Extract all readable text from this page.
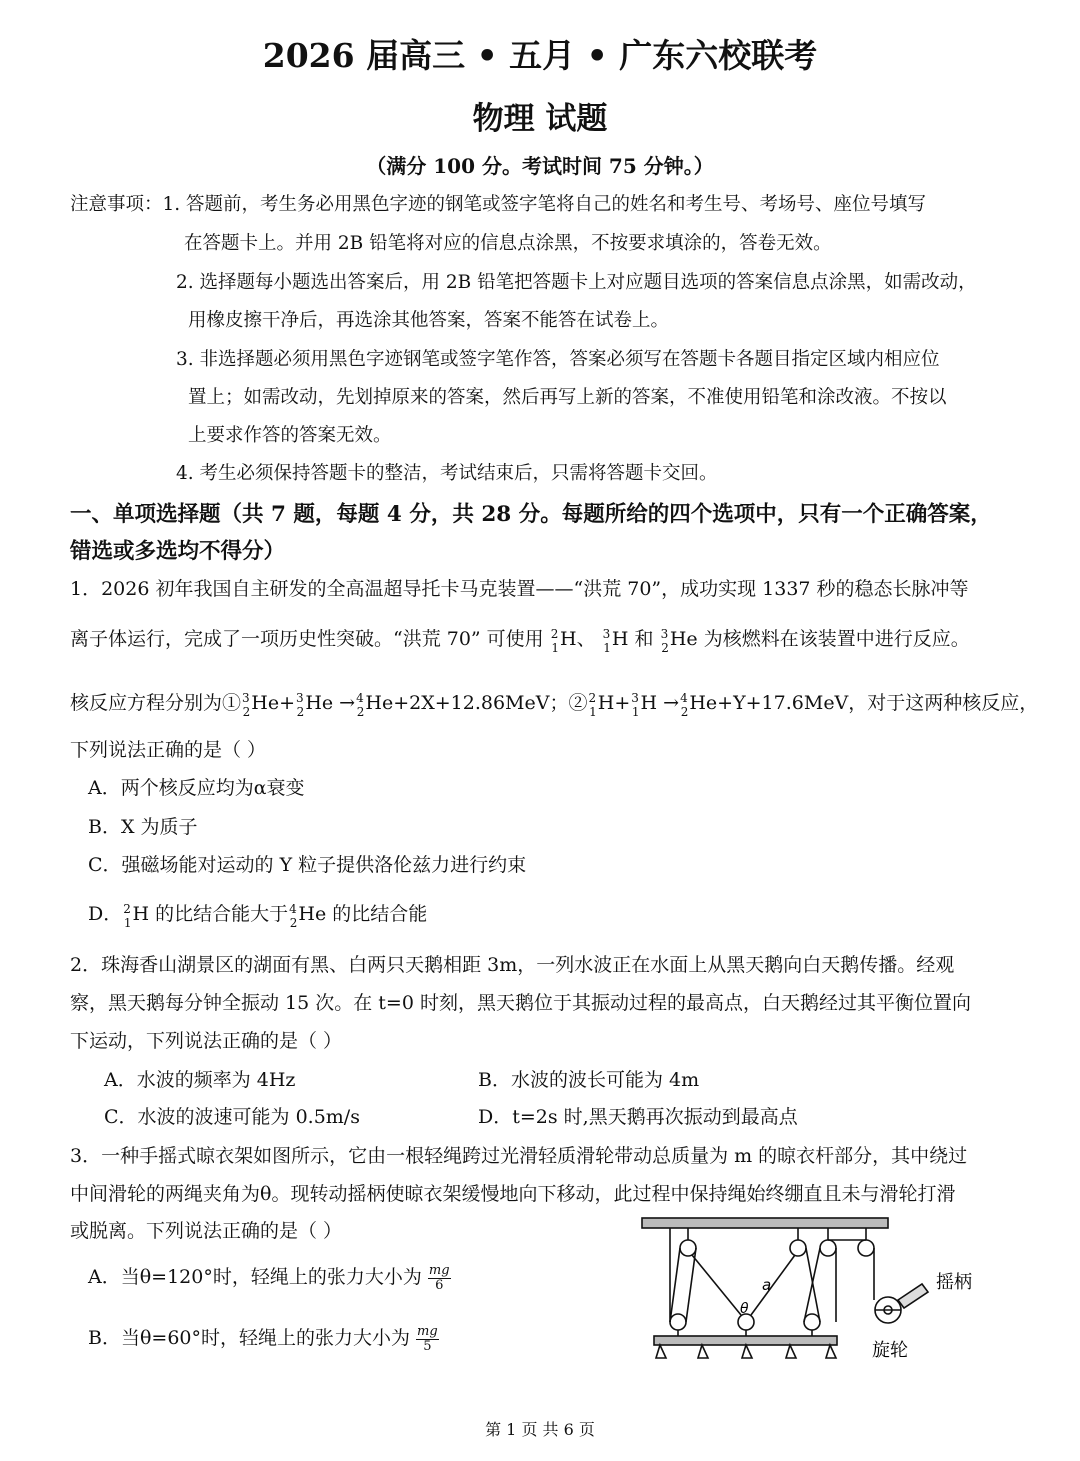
2026 届高三 • 五月 • 广东六校联考
物理 试题
（满分 100 分。考试时间 75 分钟。）
注意事项：1. 答题前，考生务必用黑色字迹的钢笔或签字笔将自己的姓名和考生号、考场号、座位号填写
在答题卡上。并用 2B 铅笔将对应的信息点涂黑，不按要求填涂的，答卷无效。
2. 选择题每小题选出答案后，用 2B 铅笔把答题卡上对应题目选项的答案信息点涂黑，如需改动，
用橡皮擦干净后，再选涂其他答案，答案不能答在试卷上。
3. 非选择题必须用黑色字迹钢笔或签字笔作答，答案必须写在答题卡各题目指定区域内相应位
置上；如需改动，先划掉原来的答案，然后再写上新的答案，不准使用铅笔和涂改液。不按以
上要求作答的答案无效。
4. 考生必须保持答题卡的整洁，考试结束后，只需将答题卡交回。
一、单项选择题（共 7 题，每题 4 分，共 28 分。每题所给的四个选项中，只有一个正确答案，
错选或多选均不得分）
1．2026 初年我国自主研发的全高温超导托卡马克装置——“洪荒 70”，成功实现 1337 秒的稳态长脉冲等
离子体运行，完成了一项历史性突破。“洪荒 70” 可使用 $^2_1$H、 $^3_1$H 和 $^3_2$He 为核燃料在该装置中进行反应。
核反应方程分别为①$^3_2$He+$^3_2$He →$^4_2$He+2X+12.86MeV；②$^2_1$H+$^3_1$H →$^4_2$He+Y+17.6MeV，对于这两种核反应，
下列说法正确的是（ ）
A．两个核反应均为α衰变
B．X 为质子
C．强磁场能对运动的 Y 粒子提供洛伦兹力进行约束
D．$^2_1$H 的比结合能大于$^4_2$He 的比结合能
2．珠海香山湖景区的湖面有黑、白两只天鹅相距 3m，一列水波正在水面上从黑天鹅向白天鹅传播。经观
察，黑天鹅每分钟全振动 15 次。在 t=0 时刻，黑天鹅位于其振动过程的最高点，白天鹅经过其平衡位置向
下运动，下列说法正确的是（ ）
A．水波的频率为 4Hz	B．水波的波长可能为 4m
C．水波的波速可能为 0.5m/s	D．t=2s 时,黑天鹅再次振动到最高点
3．一种手摇式晾衣架如图所示，它由一根轻绳跨过光滑轻质滑轮带动总质量为 m 的晾衣杆部分，其中绕过
中间滑轮的两绳夹角为θ。现转动摇柄使晾衣架缓慢地向下移动，此过程中保持绳始终绷直且未与滑轮打滑
或脱离。下列说法正确的是（ ）
A．当θ=120°时，轻绳上的张力大小为 $\frac{mg}{6}$
B．当θ=60°时，轻绳上的张力大小为 $\frac{mg}{5}$
a
θ
摇柄
旋轮
第 1 页 共 6 页
